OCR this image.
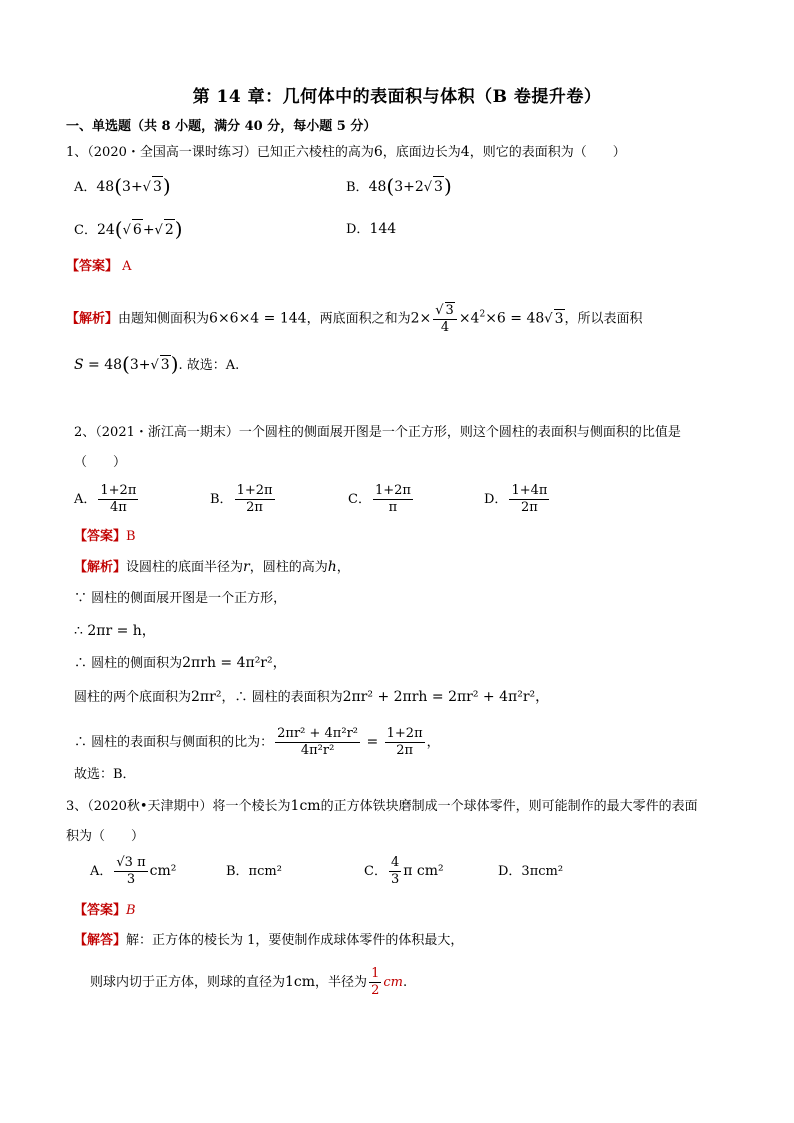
第 14 章：几何体中的表面积与体积（B 卷提升卷）
一、单选题（共 8 小题，满分 40 分，每小题 5 分）
1、（2020・全国高一课时练习）已知正六棱柱的高为6，底面边长为4，则它的表面积为（　　）
A．48(3+√ 3)	B．48(3+2√ 3)
C．24(√ 6+√ 2)	D．144
【答案】 A
【解析】由题知侧面积为6×6×4 = 144，两底面积之和为$2\times \frac{√ 3}{4} \times 4^2\times 6 = 48√$ 3，所以表面积
S = 48(3+√ 3). 故选：A.
2、（2021・浙江高一期末）一个圆柱的侧面展开图是一个正方形，则这个圆柱的表面积与侧面积的比值是
（　　）
A． $\frac{1+2\pi}{4\pi}$	B． $\frac{1+2\pi}{2\pi}$	C． $\frac{1+2\pi}{\pi}$	D． $\frac{1+4\pi}{2\pi}$
【答案】B
【解析】设圆柱的底面半径为r，圆柱的高为h，
∵ 圆柱的侧面展开图是一个正方形，
∴ 2πr = h，
∴ 圆柱的侧面积为2πrh = 4π²r²，
圆柱的两个底面积为2πr²，∴ 圆柱的表面积为2πr² + 2πrh = 2πr² + 4π²r²，
∴ 圆柱的表面积与侧面积的比为： $\frac{\text{2πr² + 4π²r²}}{\text{4π²r²}} = \frac{1+2\pi}{2\pi}$ ，
故选：B．
3、（2020秋•天津期中）将一个棱长为1cm的正方体铁块磨制成一个球体零件，则可能制作的最大零件的表面
积为（　　）
A． $\frac{√3 \pi}{3} cm^2$	B．πcm²	C． $\frac{4}{3}$ π cm²	D．3πcm²
【答案】B
【解答】解：正方体的棱长为 1，要使制作成球体零件的体积最大，
则球内切于正方体，则球的直径为1cm，半径为 $\frac{1}{2}$ cm.
